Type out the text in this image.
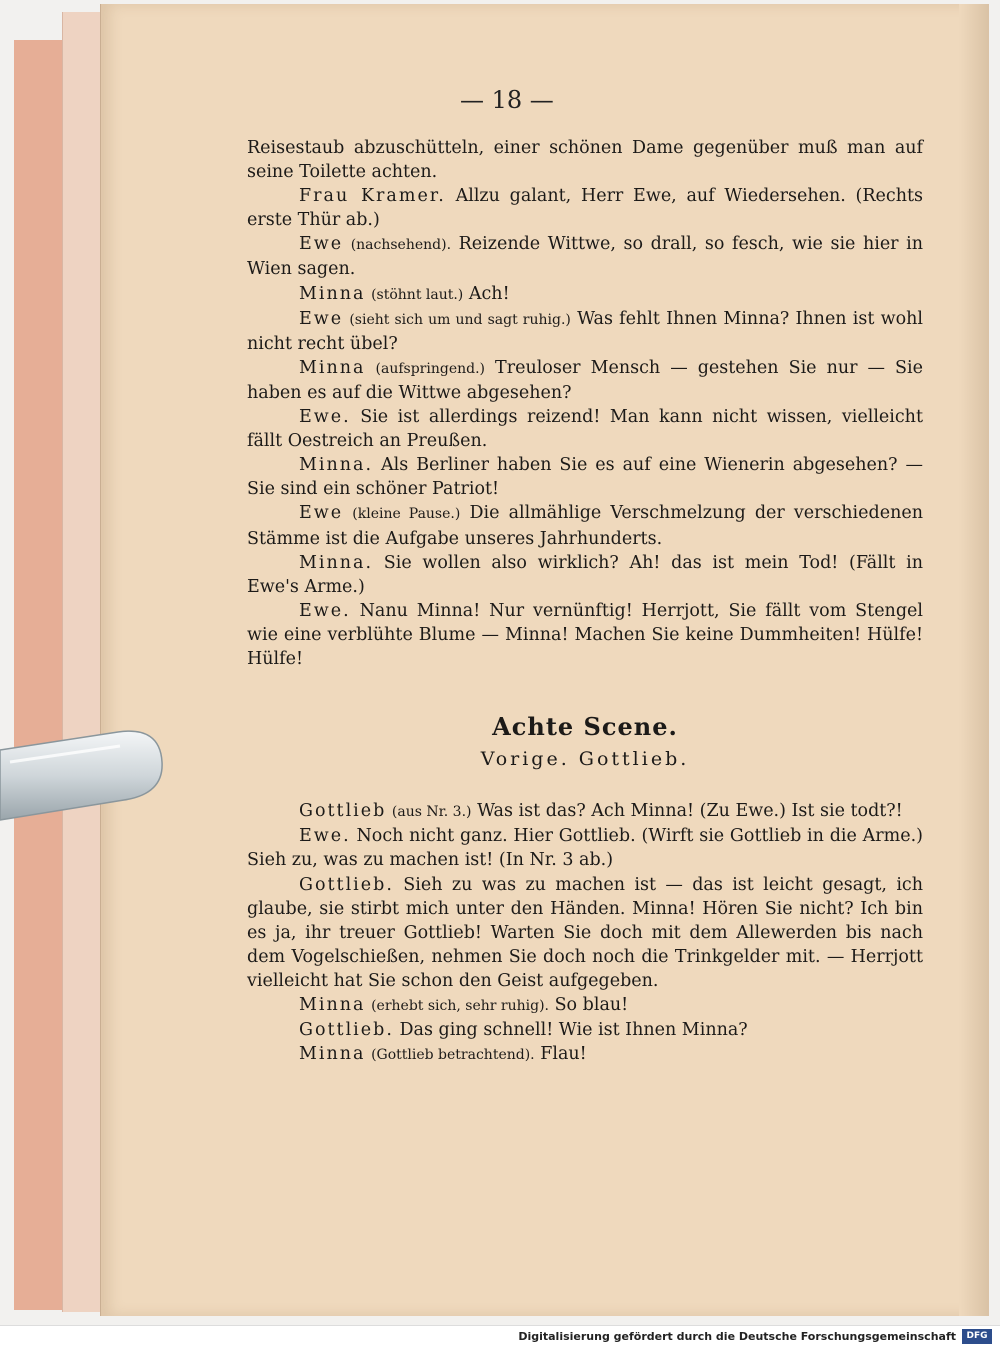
— 18 —

Reisestaub abzuschütteln, einer schönen Dame gegenüber muß man auf seine Toilette achten.

Frau Kramer. Allzu galant, Herr Ewe, auf Wiedersehen. (Rechts erste Thür ab.)

Ewe (nachsehend). Reizende Wittwe, so drall, so fesch, wie sie hier in Wien sagen.

Minna (stöhnt laut.) Ach!

Ewe (sieht sich um und sagt ruhig.) Was fehlt Ihnen Minna? Ihnen ist wohl nicht recht übel?

Minna (aufspringend.) Treuloser Mensch — gestehen Sie nur — Sie haben es auf die Wittwe abgesehen?

Ewe. Sie ist allerdings reizend! Man kann nicht wissen, vielleicht fällt Oestreich an Preußen.

Minna. Als Berliner haben Sie es auf eine Wienerin abgesehen? — Sie sind ein schöner Patriot!

Ewe (kleine Pause.) Die allmählige Verschmelzung der verschiedenen Stämme ist die Aufgabe unseres Jahrhunderts.

Minna. Sie wollen also wirklich? Ah! das ist mein Tod! (Fällt in Ewe's Arme.)

Ewe. Nanu Minna! Nur vernünftig! Herrjott, Sie fällt vom Stengel wie eine verblühte Blume — Minna! Machen Sie keine Dummheiten! Hülfe! Hülfe!

Achte Scene.
Vorige. Gottlieb.

Gottlieb (aus Nr. 3.) Was ist das? Ach Minna! (Zu Ewe.) Ist sie todt?!

Ewe. Noch nicht ganz. Hier Gottlieb. (Wirft sie Gottlieb in die Arme.) Sieh zu, was zu machen ist! (In Nr. 3 ab.)

Gottlieb. Sieh zu was zu machen ist — das ist leicht gesagt, ich glaube, sie stirbt mich unter den Händen. Minna! Hören Sie nicht? Ich bin es ja, ihr treuer Gottlieb! Warten Sie doch mit dem Allewerden bis nach dem Vogelschießen, nehmen Sie doch noch die Trinkgelder mit. — Herrjott vielleicht hat Sie schon den Geist aufgegeben.

Minna (erhebt sich, sehr ruhig). So blau!

Gottlieb. Das ging schnell! Wie ist Ihnen Minna?

Minna (Gottlieb betrachtend). Flau!

Digitalisierung gefördert durch die Deutsche Forschungsgemeinschaft	DFG
